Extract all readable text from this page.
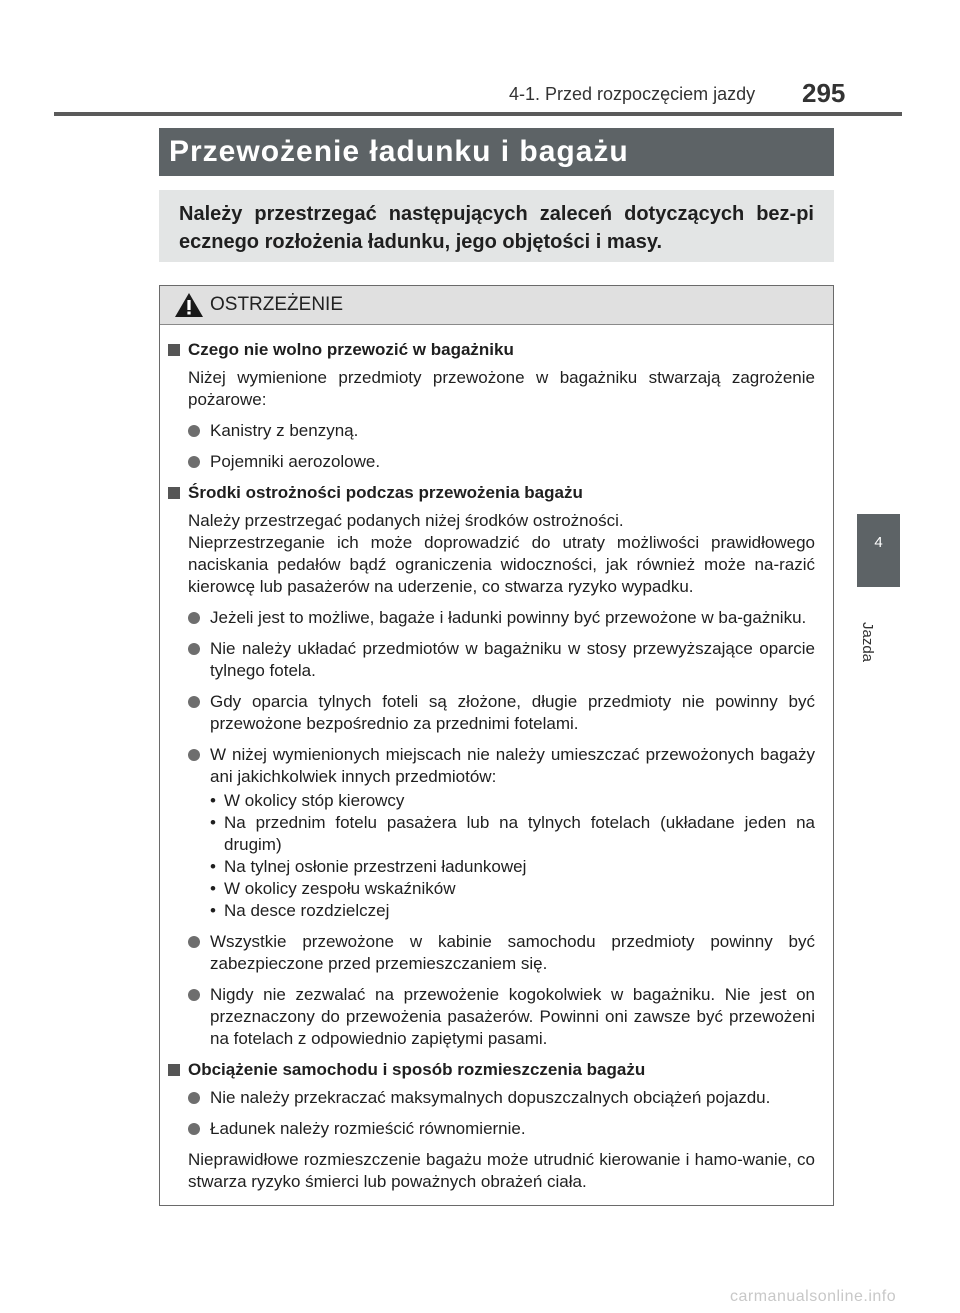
4-1. Przed rozpoczęciem jazdy 295
Przewożenie ładunku i bagażu
Należy przestrzegać następujących zaleceń dotyczących bez-pi ecznego rozłożenia ładunku, jego objętości i masy.
OSTRZEŻENIE
Czego nie wolno przewozić w bagażniku
Niżej wymienione przedmioty przewożone w bagażniku stwarzają zagrożenie pożarowe:
Kanistry z benzyną.
Pojemniki aerozolowe.
Środki ostrożności podczas przewożenia bagażu
Należy przestrzegać podanych niżej środków ostrożności.
Nieprzestrzeganie ich może doprowadzić do utraty możliwości prawidłowego naciskania pedałów bądź ograniczenia widoczności, jak również może na-razić kierowcę lub pasażerów na uderzenie, co stwarza ryzyko wypadku.
Jeżeli jest to możliwe, bagaże i ładunki powinny być przewożone w ba-gażniku.
Nie należy układać przedmiotów w bagażniku w stosy przewyższające oparcie tylnego fotela.
Gdy oparcia tylnych foteli są złożone, długie przedmioty nie powinny być przewożone bezpośrednio za przednimi fotelami.
W niżej wymienionych miejscach nie należy umieszczać przewożonych bagaży ani jakichkolwiek innych przedmiotów:
• W okolicy stóp kierowcy
• Na przednim fotelu pasażera lub na tylnych fotelach (układane jeden na drugim)
• Na tylnej osłonie przestrzeni ładunkowej
• W okolicy zespołu wskaźników
• Na desce rozdzielczej
Wszystkie przewożone w kabinie samochodu przedmioty powinny być zabezpieczone przed przemieszczaniem się.
Nigdy nie zezwalać na przewożenie kogokolwiek w bagażniku. Nie jest on przeznaczony do przewożenia pasażerów. Powinni oni zawsze być przewożeni na fotelach z odpowiednio zapiętymi pasami.
Obciążenie samochodu i sposób rozmieszczenia bagażu
Nie należy przekraczać maksymalnych dopuszczalnych obciążeń pojazdu.
Ładunek należy rozmieścić równomiernie.
Nieprawidłowe rozmieszczenie bagażu może utrudnić kierowanie i hamo-wanie, co stwarza ryzyko śmierci lub poważnych obrażeń ciała.
4
Jazda
carmanualsonline.info
